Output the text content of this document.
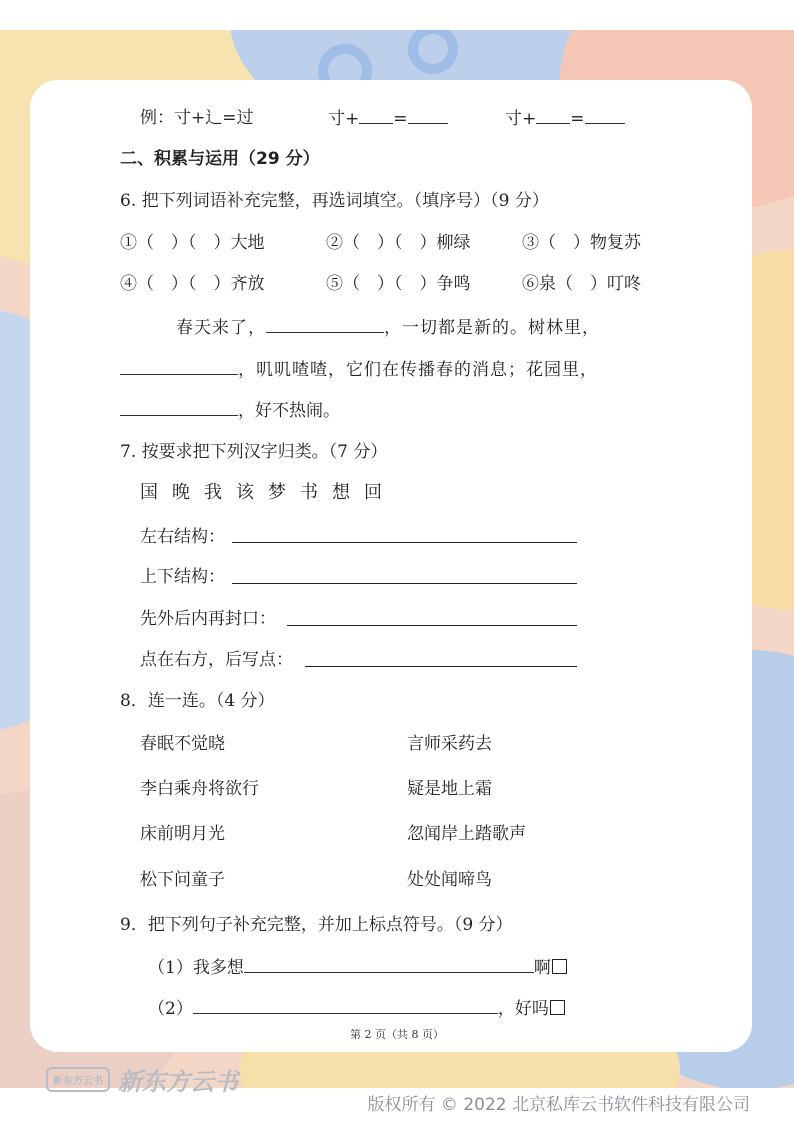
例：寸+辶=过	寸+ =	寸+ =
二、积累与运用（29 分）
6. 把下列词语补充完整，再选词填空。（填序号）（9 分）
①（　）（　）大地	②（　）（　）柳绿	③（　）物复苏
④（　）（　）齐放	⑤（　）（　）争鸣	⑥泉（　）叮咚
春天来了，	，一切都是新的。树林里，
，叽叽喳喳，它们在传播春的消息；花园里，
，好不热闹。
7. 按要求把下列汉字归类。（7 分）
国 晚 我 该 梦 书 想 回
左右结构：
上下结构：
先外后内再封口：
点在右方，后写点：
8．连一连。（4 分）
春眠不觉晓	言师采药去
李白乘舟将欲行	疑是地上霜
床前明月光	忽闻岸上踏歌声
松下问童子	处处闻啼鸟
9．把下列句子补充完整，并加上标点符号。（9 分）
（1）我多想	啊
（2）	，好吗
第 2 页（共 8 页）
新东方云书 新东方云书
版权所有 © 2022 北京私库云书软件科技有限公司
